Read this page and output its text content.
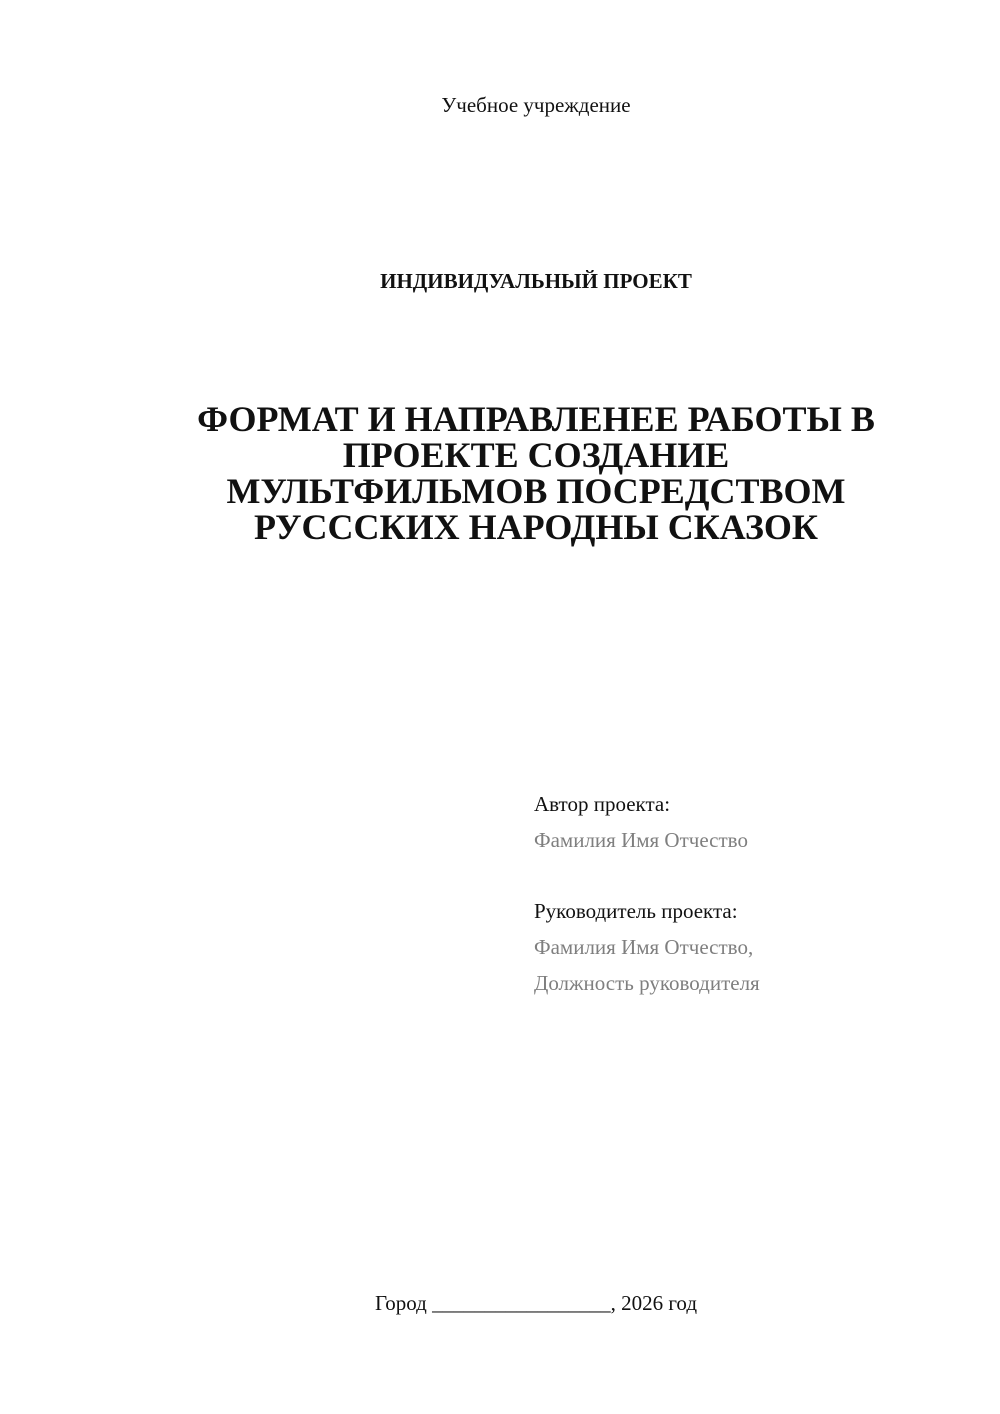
Учебное учреждение
ИНДИВИДУАЛЬНЫЙ ПРОЕКТ
ФОРМАТ И НАПРАВЛЕНЕЕ РАБОТЫ В
ПРОЕКТЕ СОЗДАНИЕ
МУЛЬТФИЛЬМОВ ПОСРЕДСТВОМ
РУСССКИХ НАРОДНЫ СКАЗОК
Автор проекта:
Фамилия Имя Отчество
Руководитель проекта:
Фамилия Имя Отчество,
Должность руководителя
Город _________________, 2026 год
